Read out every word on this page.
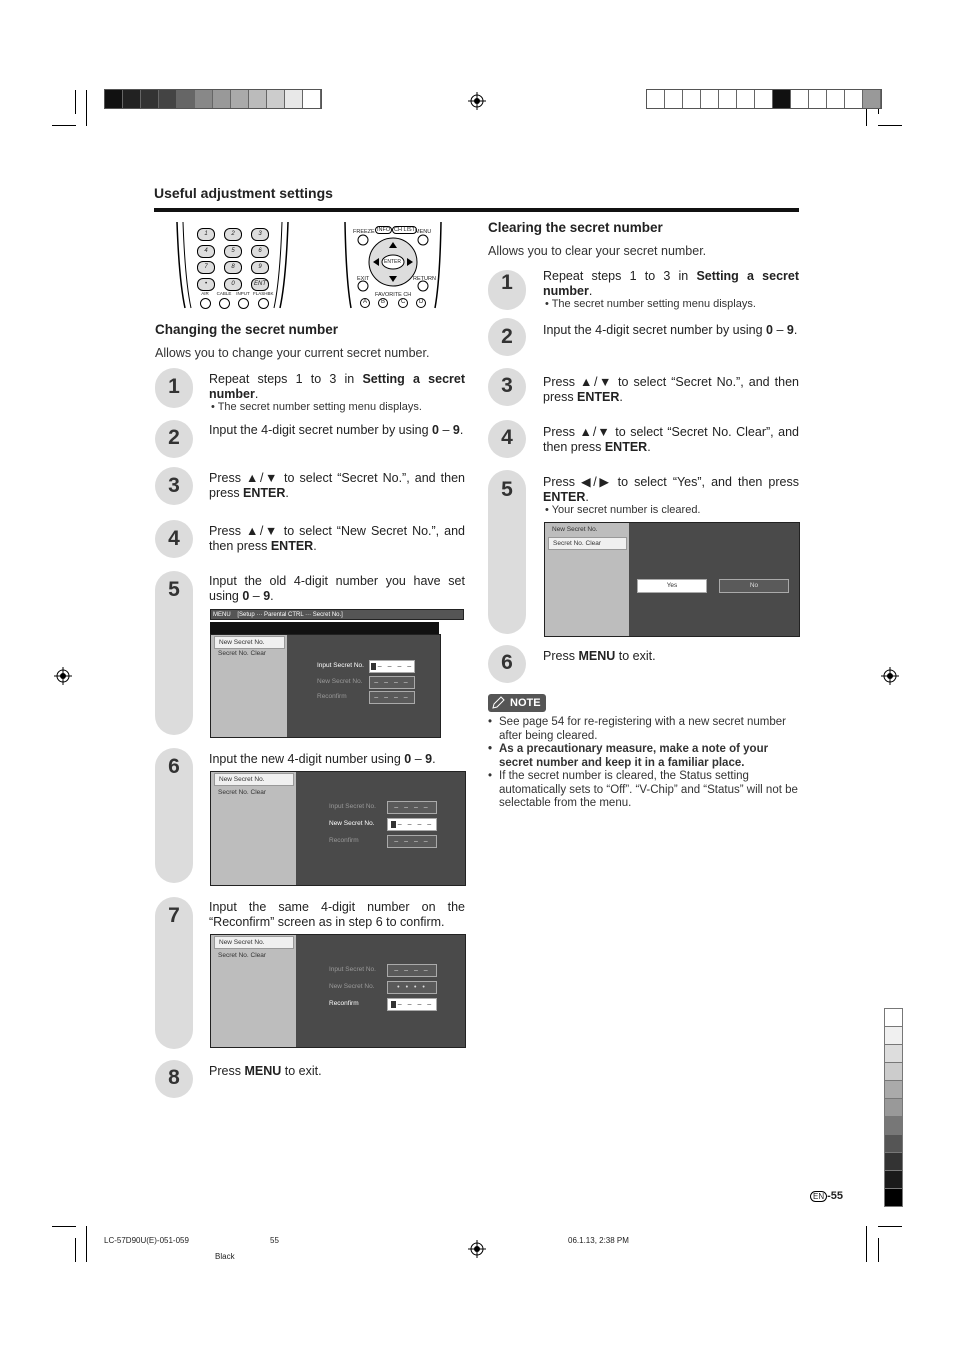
Useful adjustment settings
1	2	3
4	5	6
7	8	9
•	0	ENT
AIR	CABLE	INPUT FLASHBK
FREEZE INFO CH LIST MENU
ENTER
EXIT	RETURN
FAVORITE CH
A B	C D
Changing the secret number
Allows you to change your current secret number.
1
2
3
4
5
6
7
8
Repeat steps 1 to 3 in Setting a secret number.
• The secret number setting menu displays.
Input the 4-digit secret number by using 0 – 9.
Press ▲/▼ to select “Secret No.”, and then press ENTER.
Press ▲/▼ to select “New Secret No.”, and then press ENTER.
Input the old 4-digit number you have set using 0 – 9.
Input the new 4-digit number using 0 – 9.
Input the same 4-digit number on the “Reconfirm” screen as in step 6 to confirm.
Press MENU to exit.
MENU [Setup ··· Parental CTRL ··· Secret No.]
New Secret No.
Secret No. Clear
Input Secret No.	– – – –
New Secret No.	– – – –
Reconfirm	– – – –
New Secret No.
Secret No. Clear
Input Secret No.	– – – –
New Secret No.	– – – –
Reconfirm	– – – –
New Secret No.
Secret No. Clear
Input Secret No.	– – – –
New Secret No.	• • • •
Reconfirm	– – – –
Clearing the secret number
Allows you to clear your secret number.
1
2
3
4
5
6
Repeat steps 1 to 3 in Setting a secret number.
• The secret number setting menu displays.
Input the 4-digit secret number by using 0 – 9.
Press ▲/▼ to select “Secret No.”, and then press ENTER.
Press ▲/▼ to select “Secret No. Clear”, and then press ENTER.
Press ◀/▶ to select “Yes”, and then press ENTER.
• Your secret number is cleared.
Press MENU to exit.
New Secret No.
Secret No. Clear
Yes	No
NOTE
• See page 54 for re-registering with a new secret number after being cleared.
• As a precautionary measure, make a note of your secret number and keep it in a familiar place.
• If the secret number is cleared, the Status setting automatically sets to “Off”. “V-Chip” and “Status” will not be selectable from the menu.
EN -55
LC-57D90U(E)-051-059	55	06.1.13, 2:38 PM
Black
